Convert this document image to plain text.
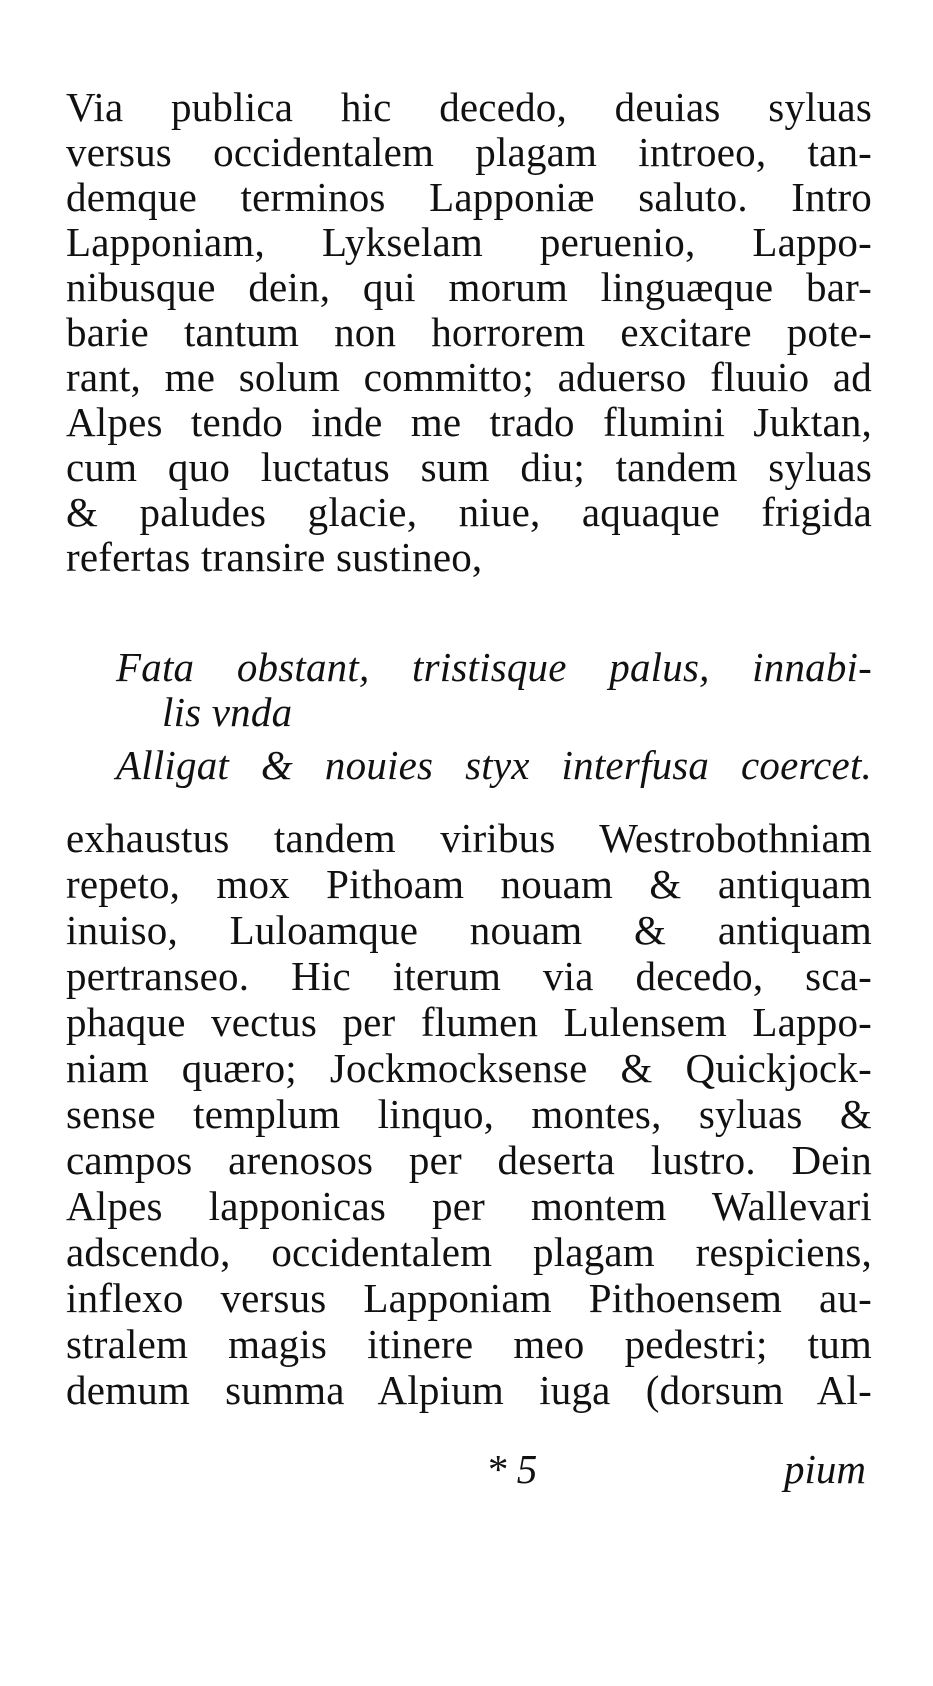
Via publica hic decedo, deuias syluas
versus occidentalem plagam introeo, tan-
demque terminos Lapponiæ saluto. Intro
Lapponiam, Lykselam peruenio, Lappo-
nibusque dein, qui morum linguæque bar-
barie tantum non horrorem excitare pote-
rant, me solum committo; aduerso fluuio ad
Alpes tendo inde me trado flumini Juktan,
cum quo luctatus sum diu; tandem syluas
& paludes glacie, niue, aquaque frigida
refertas transire sustineo,
Fata obstant, tristisque palus, innabi-
lis vnda
Alligat & nouies styx interfusa coercet.
exhaustus tandem viribus Westrobothniam
repeto, mox Pithoam nouam & antiquam
inuiso, Luloamque nouam & antiquam
pertranseo. Hic iterum via decedo, sca-
phaque vectus per flumen Lulensem Lappo-
niam quæro; Jockmocksense & Quickjock-
sense templum linquo, montes, syluas &
campos arenosos per deserta lustro. Dein
Alpes lapponicas per montem Wallevari
adscendo, occidentalem plagam respiciens,
inflexo versus Lapponiam Pithoensem au-
stralem magis itinere meo pedestri; tum
demum summa Alpium iuga (dorsum Al-
* 5	pium
